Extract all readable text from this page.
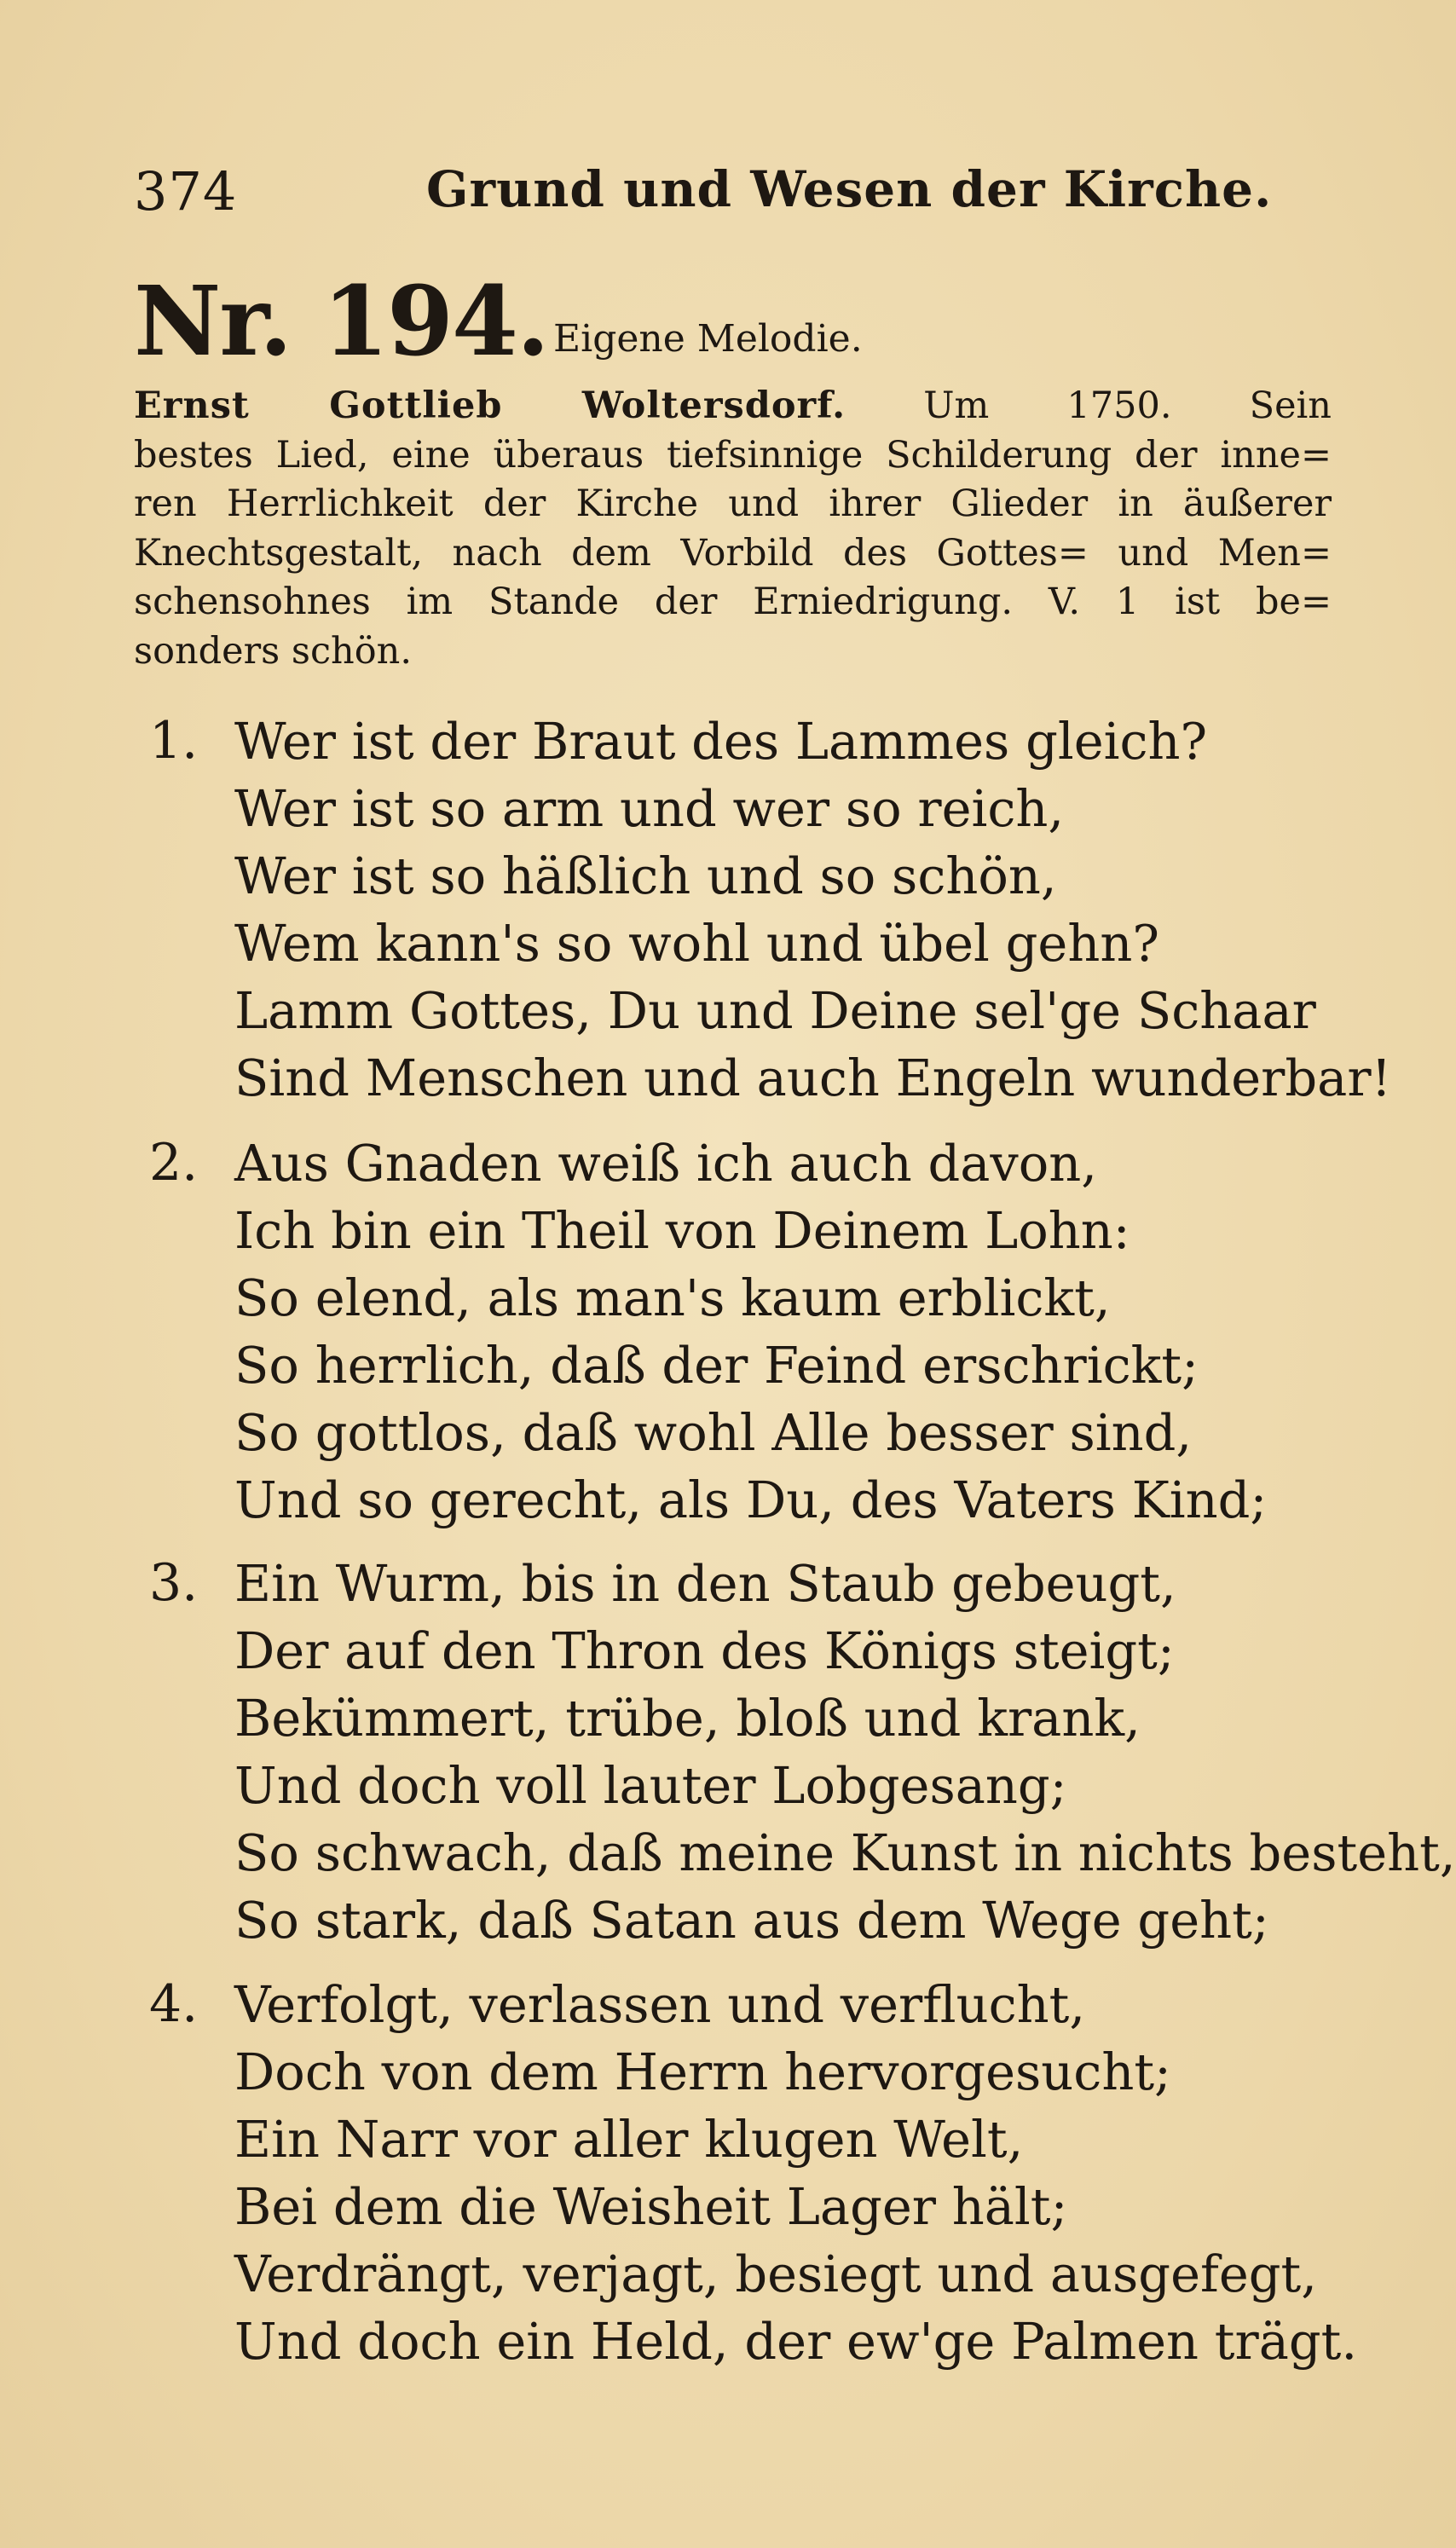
374	Grund und Wesen der Kirche.
Nr. 194. Eigene Melodie.
Ernst Gottlieb Woltersdorf. Um 1750. Sein
bestes Lied, eine überaus tiefsinnige Schilderung der inne=
ren Herrlichkeit der Kirche und ihrer Glieder in äußerer
Knechtsgestalt, nach dem Vorbild des Gottes= und Men=
schensohnes im Stande der Erniedrigung. V. 1 ist be=
sonders schön.
1. Wer ist der Braut des Lammes gleich?
Wer ist so arm und wer so reich,
Wer ist so häßlich und so schön,
Wem kann's so wohl und übel gehn?
Lamm Gottes, Du und Deine sel'ge Schaar
Sind Menschen und auch Engeln wunderbar!
2. Aus Gnaden weiß ich auch davon,
Ich bin ein Theil von Deinem Lohn:
So elend, als man's kaum erblickt,
So herrlich, daß der Feind erschrickt;
So gottlos, daß wohl Alle besser sind,
Und so gerecht, als Du, des Vaters Kind;
3. Ein Wurm, bis in den Staub gebeugt,
Der auf den Thron des Königs steigt;
Bekümmert, trübe, bloß und krank,
Und doch voll lauter Lobgesang;
So schwach, daß meine Kunst in nichts besteht,
So stark, daß Satan aus dem Wege geht;
4. Verfolgt, verlassen und verflucht,
Doch von dem Herrn hervorgesucht;
Ein Narr vor aller klugen Welt,
Bei dem die Weisheit Lager hält;
Verdrängt, verjagt, besiegt und ausgefegt,
Und doch ein Held, der ew'ge Palmen trägt.
